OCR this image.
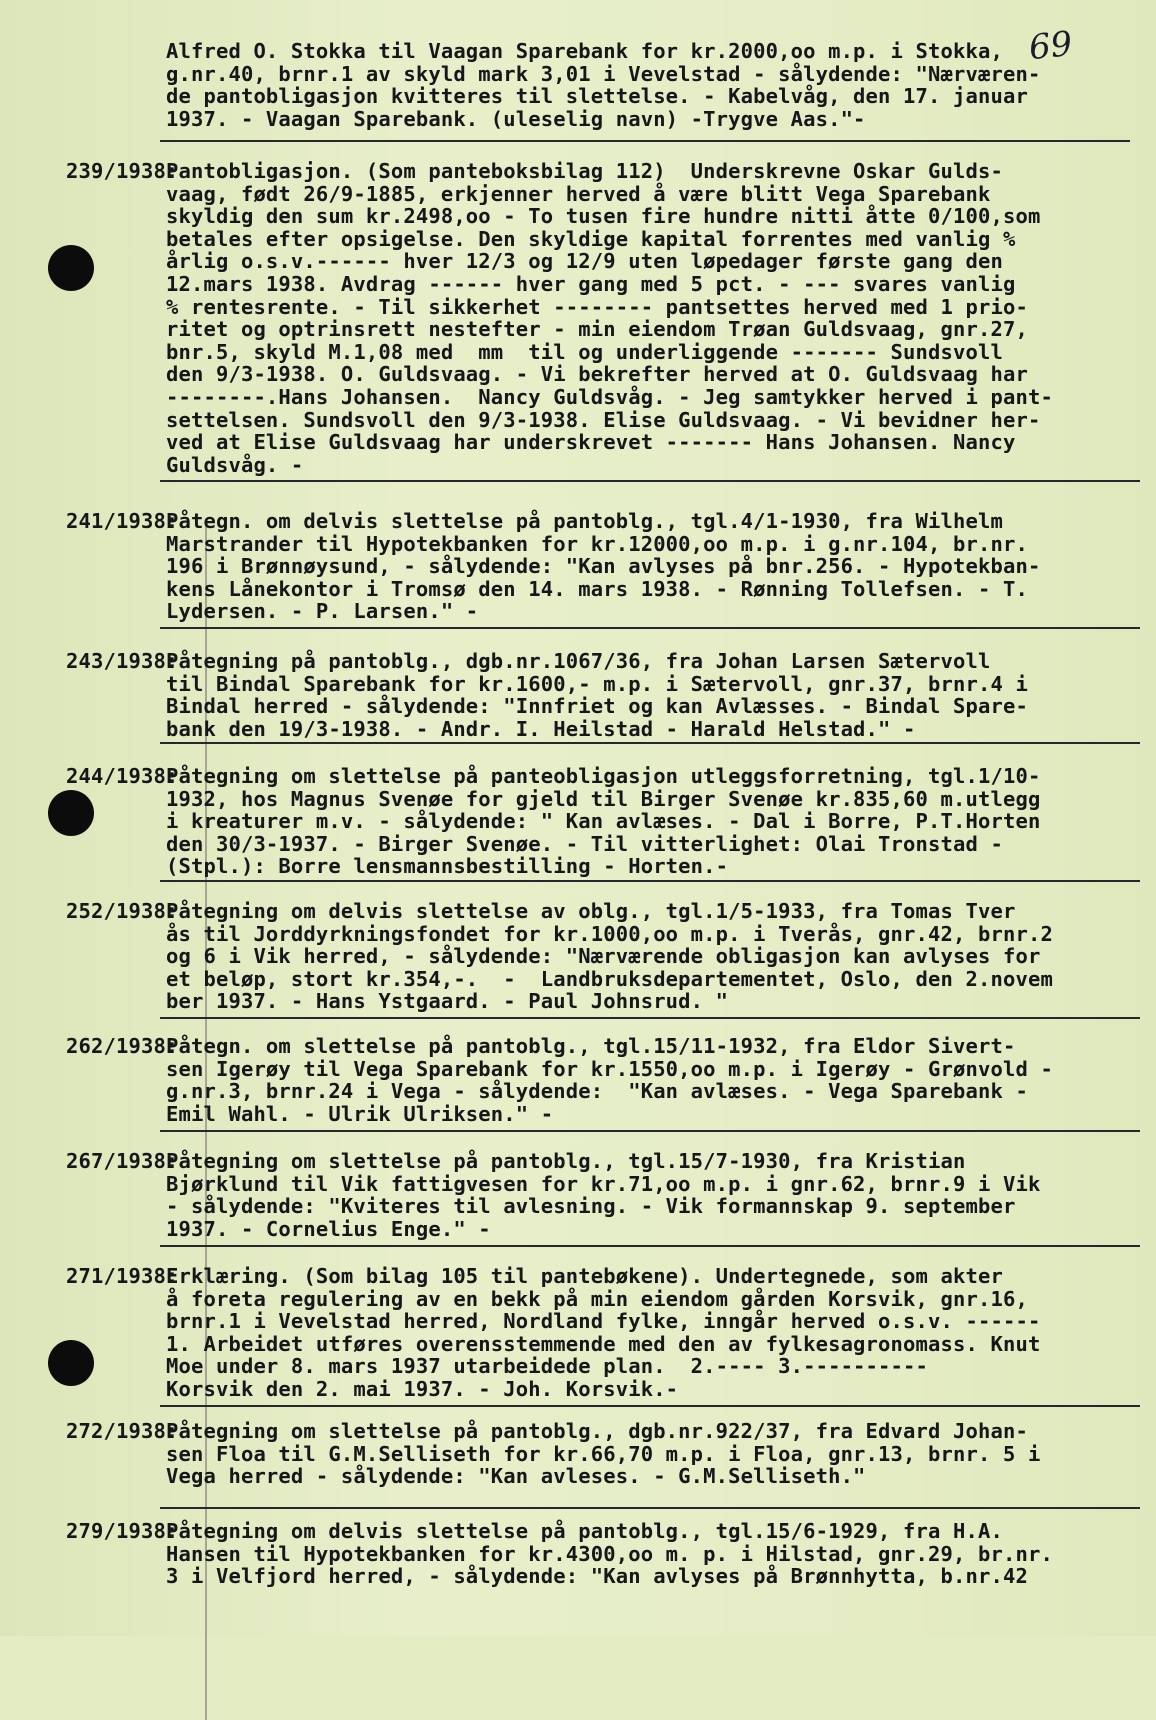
69
Alfred O. Stokka til Vaagan Sparebank for kr.2000,oo m.p. i Stokka,
g.nr.40, brnr.1 av skyld mark 3,01 i Vevelstad - sålydende: "Nærværen-
de pantobligasjon kvitteres til slettelse. - Kabelvåg, den 17. januar
1937. - Vaagan Sparebank. (uleselig navn) -Trygve Aas."-
239/1938:
Pantobligasjon. (Som panteboksbilag 112)  Underskrevne Oskar Gulds-
vaag, født 26/9-1885, erkjenner herved å være blitt Vega Sparebank
skyldig den sum kr.2498,oo - To tusen fire hundre nitti åtte 0/100,som
betales efter opsigelse. Den skyldige kapital forrentes med vanlig %
årlig o.s.v.------ hver 12/3 og 12/9 uten løpedager første gang den
12.mars 1938. Avdrag ------ hver gang med 5 pct. - --- svares vanlig
% rentesrente. - Til sikkerhet -------- pantsettes herved med 1 prio-
ritet og optrinsrett nestefter - min eiendom Trøan Guldsvaag, gnr.27,
bnr.5, skyld M.1,08 med  mm  til og underliggende ------- Sundsvoll
den 9/3-1938. O. Guldsvaag. - Vi bekrefter herved at O. Guldsvaag har
--------.Hans Johansen.  Nancy Guldsvåg. - Jeg samtykker herved i pant-
settelsen. Sundsvoll den 9/3-1938. Elise Guldsvaag. - Vi bevidner her-
ved at Elise Guldsvaag har underskrevet ------- Hans Johansen. Nancy
Guldsvåg. -
241/1938:
Påtegn. om delvis slettelse på pantoblg., tgl.4/1-1930, fra Wilhelm
Marstrander til Hypotekbanken for kr.12000,oo m.p. i g.nr.104, br.nr.
196 i Brønnøysund, - sålydende: "Kan avlyses på bnr.256. - Hypotekban-
kens Lånekontor i Tromsø den 14. mars 1938. - Rønning Tollefsen. - T.
Lydersen. - P. Larsen." -
243/1938:
Påtegning på pantoblg., dgb.nr.1067/36, fra Johan Larsen Sætervoll
til Bindal Sparebank for kr.1600,- m.p. i Sætervoll, gnr.37, brnr.4 i
Bindal herred - sålydende: "Innfriet og kan Avlæsses. - Bindal Spare-
bank den 19/3-1938. - Andr. I. Heilstad - Harald Helstad." -
244/1938:
Påtegning om slettelse på panteobligasjon utleggsforretning, tgl.1/10-
1932, hos Magnus Svenøe for gjeld til Birger Svenøe kr.835,60 m.utlegg
i kreaturer m.v. - sålydende: " Kan avlæses. - Dal i Borre, P.T.Horten
den 30/3-1937. - Birger Svenøe. - Til vitterlighet: Olai Tronstad -
(Stpl.): Borre lensmannsbestilling - Horten.-
252/1938:
Påtegning om delvis slettelse av oblg., tgl.1/5-1933, fra Tomas Tver
ås til Jorddyrkningsfondet for kr.1000,oo m.p. i Tverås, gnr.42, brnr.2
og 6 i Vik herred, - sålydende: "Nærværende obligasjon kan avlyses for
et beløp, stort kr.354,-.  -  Landbruksdepartementet, Oslo, den 2.novem
ber 1937. - Hans Ystgaard. - Paul Johnsrud. "
262/1938:
Påtegn. om slettelse på pantoblg., tgl.15/11-1932, fra Eldor Sivert-
sen Igerøy til Vega Sparebank for kr.1550,oo m.p. i Igerøy - Grønvold -
g.nr.3, brnr.24 i Vega - sålydende:  "Kan avlæses. - Vega Sparebank -
Emil Wahl. - Ulrik Ulriksen." -
267/1938:
Påtegning om slettelse på pantoblg., tgl.15/7-1930, fra Kristian
Bjørklund til Vik fattigvesen for kr.71,oo m.p. i gnr.62, brnr.9 i Vik
- sålydende: "Kviteres til avlesning. - Vik formannskap 9. september
1937. - Cornelius Enge." -
271/1938:
Erklæring. (Som bilag 105 til pantebøkene). Undertegnede, som akter
å foreta regulering av en bekk på min eiendom gården Korsvik, gnr.16,
brnr.1 i Vevelstad herred, Nordland fylke, inngår herved o.s.v. ------
1. Arbeidet utføres overensstemmende med den av fylkesagronomass. Knut
Moe under 8. mars 1937 utarbeidede plan.  2.---- 3.----------
Korsvik den 2. mai 1937. - Joh. Korsvik.-
272/1938:
Påtegning om slettelse på pantoblg., dgb.nr.922/37, fra Edvard Johan-
sen Floa til G.M.Selliseth for kr.66,70 m.p. i Floa, gnr.13, brnr. 5 i
Vega herred - sålydende: "Kan avleses. - G.M.Selliseth."
279/1938:
Påtegning om delvis slettelse på pantoblg., tgl.15/6-1929, fra H.A.
Hansen til Hypotekbanken for kr.4300,oo m. p. i Hilstad, gnr.29, br.nr.
3 i Velfjord herred, - sålydende: "Kan avlyses på Brønnhytta, b.nr.42
